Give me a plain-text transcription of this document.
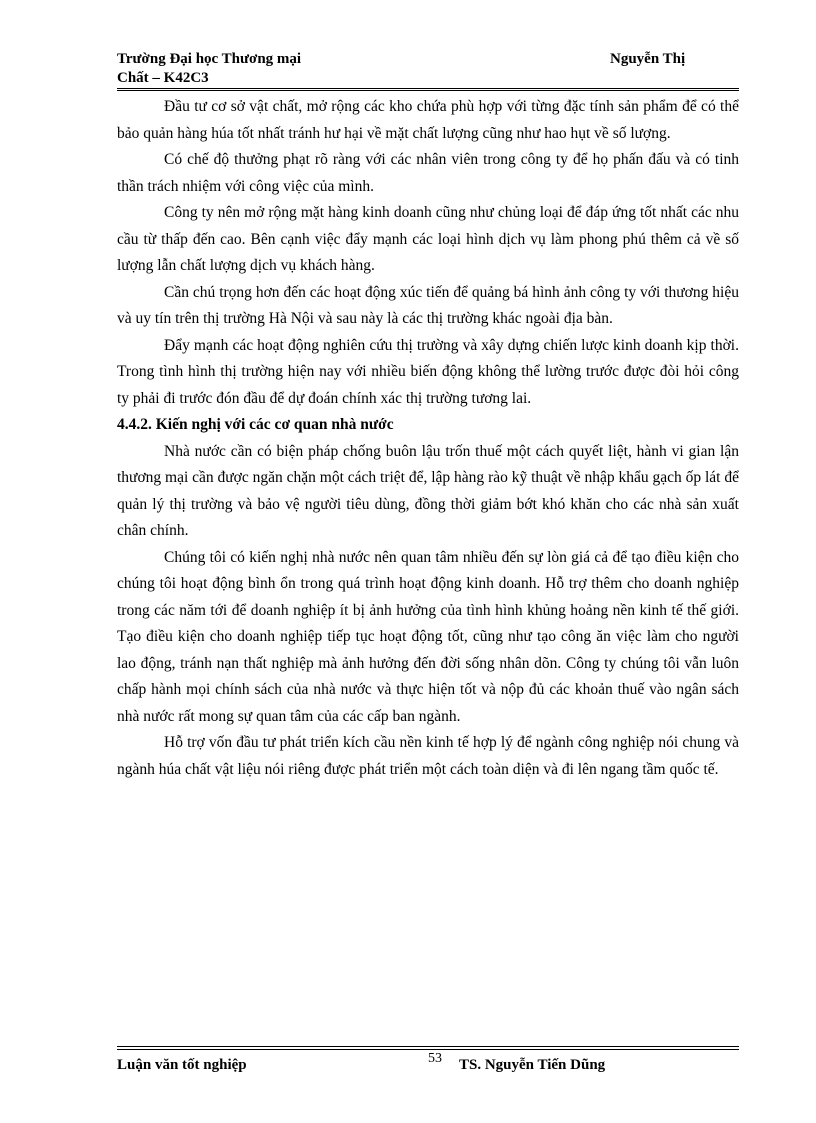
Trường Đại học Thương mại	Nguyễn Thị
Chất – K42C3

Đầu tư cơ sở vật chất, mở rộng các kho chứa phù hợp với từng đặc tính sản phẩm để có thể bảo quản hàng húa tốt nhất tránh hư hại về mặt chất lượng cũng như hao hụt về số lượng.

Có chế độ thưởng phạt rõ ràng với các nhân viên trong công ty để họ phấn đấu và có tinh thần trách nhiệm với công việc của mình.

Công ty nên mở rộng mặt hàng kinh doanh cũng như chủng loại để đáp ứng tốt nhất các nhu cầu từ thấp đến cao. Bên cạnh việc đẩy mạnh các loại hình dịch vụ làm phong phú thêm cả về số lượng lẫn chất lượng dịch vụ khách hàng.

Cần chú trọng hơn đến các hoạt động xúc tiến để quảng bá hình ảnh công ty với thương hiệu và uy tín trên thị trường Hà Nội và sau này là các thị trường khác ngoài địa bàn.

Đẩy mạnh các hoạt động nghiên cứu thị trường và xây dựng chiến lược kinh doanh kịp thời. Trong tình hình thị trường hiện nay với nhiều biến động không thể lường trước được đòi hỏi công ty phải đi trước đón đầu để dự đoán chính xác thị trường tương lai.

4.4.2. Kiến nghị với các cơ quan nhà nước

Nhà nước cần có biện pháp chống buôn lậu trốn thuế một cách quyết liệt, hành vi gian lận thương mại cần được ngăn chặn một cách triệt để, lập hàng rào kỹ thuật về nhập khẩu gạch ốp lát để quản lý thị trường và bảo vệ người tiêu dùng, đồng thời giảm bớt khó khăn cho các nhà sản xuất chân chính.

Chúng tôi có kiến nghị nhà nước nên quan tâm nhiều đến sự lòn giá cả để tạo điều kiện cho chúng tôi hoạt động bình ổn trong quá trình hoạt động kinh doanh. Hỗ trợ thêm cho doanh nghiệp trong các năm tới để doanh nghiệp ít bị ảnh hưởng của tình hình khủng hoảng nền kinh tế thế giới. Tạo điều kiện cho doanh nghiệp tiếp tục hoạt động tốt, cũng như tạo công ăn việc làm cho người lao động, tránh nạn thất nghiệp mà ảnh hưởng đến đời sống nhân dõn. Công ty chúng tôi vẫn luôn chấp hành mọi chính sách của nhà nước và thực hiện tốt và nộp đủ các khoản thuế vào ngân sách nhà nước rất mong sự quan tâm của các cấp ban ngành.

Hỗ trợ vốn đầu tư phát triển kích cầu nền kinh tế hợp lý để ngành công nghiệp nói chung và ngành húa chất vật liệu nói riêng được phát triển một cách toàn diện và đi lên ngang tầm quốc tế.

Luận văn tốt nghiệp	53 TS. Nguyễn Tiến Dũng
